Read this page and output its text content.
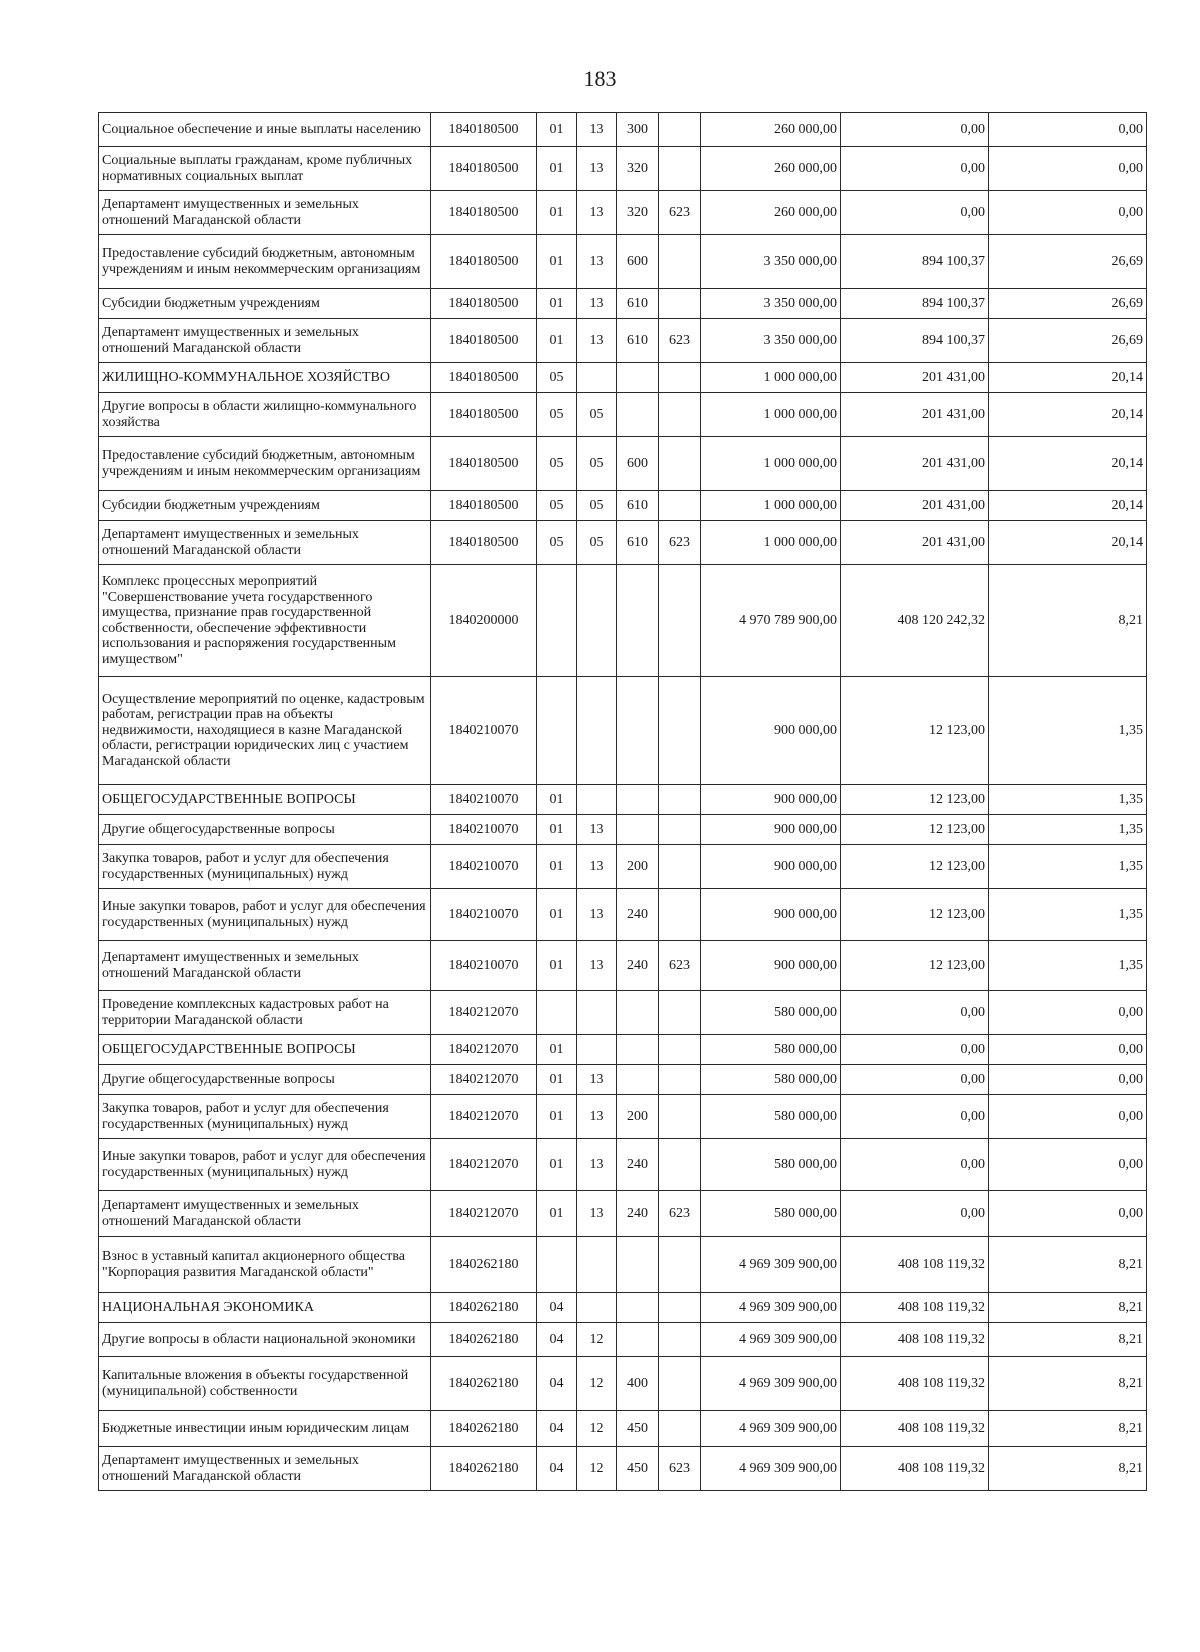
183
Социальное обеспечение и иные выплаты населению	1840180500	01	13	300		260 000,00	0,00	0,00
Социальные выплаты гражданам, кроме публичных нормативных социальных выплат	1840180500	01	13	320		260 000,00	0,00	0,00
Департамент имущественных и земельных отношений Магаданской области	1840180500	01	13	320	623	260 000,00	0,00	0,00
Предоставление субсидий бюджетным, автономным учреждениям и иным некоммерческим организациям	1840180500	01	13	600		3 350 000,00	894 100,37	26,69
Субсидии бюджетным учреждениям	1840180500	01	13	610		3 350 000,00	894 100,37	26,69
Департамент имущественных и земельных отношений Магаданской области	1840180500	01	13	610	623	3 350 000,00	894 100,37	26,69
ЖИЛИЩНО-КОММУНАЛЬНОЕ ХОЗЯЙСТВО	1840180500	05				1 000 000,00	201 431,00	20,14
Другие вопросы в области жилищно-коммунального хозяйства	1840180500	05	05			1 000 000,00	201 431,00	20,14
Предоставление субсидий бюджетным, автономным учреждениям и иным некоммерческим организациям	1840180500	05	05	600		1 000 000,00	201 431,00	20,14
Субсидии бюджетным учреждениям	1840180500	05	05	610		1 000 000,00	201 431,00	20,14
Департамент имущественных и земельных отношений Магаданской области	1840180500	05	05	610	623	1 000 000,00	201 431,00	20,14
Комплекс процессных мероприятий "Совершенствование учета государственного имущества, признание прав государственной собственности, обеспечение эффективности использования и распоряжения государственным имуществом"	1840200000					4 970 789 900,00	408 120 242,32	8,21
Осуществление мероприятий по оценке, кадастровым работам, регистрации прав на объекты недвижимости, находящиеся в казне Магаданской области, регистрации юридических лиц с участием Магаданской области	1840210070					900 000,00	12 123,00	1,35
ОБЩЕГОСУДАРСТВЕННЫЕ ВОПРОСЫ	1840210070	01				900 000,00	12 123,00	1,35
Другие общегосударственные вопросы	1840210070	01	13			900 000,00	12 123,00	1,35
Закупка товаров, работ и услуг для обеспечения государственных (муниципальных) нужд	1840210070	01	13	200		900 000,00	12 123,00	1,35
Иные закупки товаров, работ и услуг для обеспечения государственных (муниципальных) нужд	1840210070	01	13	240		900 000,00	12 123,00	1,35
Департамент имущественных и земельных отношений Магаданской области	1840210070	01	13	240	623	900 000,00	12 123,00	1,35
Проведение комплексных кадастровых работ на территории Магаданской области	1840212070					580 000,00	0,00	0,00
ОБЩЕГОСУДАРСТВЕННЫЕ ВОПРОСЫ	1840212070	01				580 000,00	0,00	0,00
Другие общегосударственные вопросы	1840212070	01	13			580 000,00	0,00	0,00
Закупка товаров, работ и услуг для обеспечения государственных (муниципальных) нужд	1840212070	01	13	200		580 000,00	0,00	0,00
Иные закупки товаров, работ и услуг для обеспечения государственных (муниципальных) нужд	1840212070	01	13	240		580 000,00	0,00	0,00
Департамент имущественных и земельных отношений Магаданской области	1840212070	01	13	240	623	580 000,00	0,00	0,00
Взнос в уставный капитал акционерного общества "Корпорация развития Магаданской области"	1840262180					4 969 309 900,00	408 108 119,32	8,21
НАЦИОНАЛЬНАЯ ЭКОНОМИКА	1840262180	04				4 969 309 900,00	408 108 119,32	8,21
Другие вопросы в области национальной экономики	1840262180	04	12			4 969 309 900,00	408 108 119,32	8,21
Капитальные вложения в объекты государственной (муниципальной) собственности	1840262180	04	12	400		4 969 309 900,00	408 108 119,32	8,21
Бюджетные инвестиции иным юридическим лицам	1840262180	04	12	450		4 969 309 900,00	408 108 119,32	8,21
Департамент имущественных и земельных отношений Магаданской области	1840262180	04	12	450	623	4 969 309 900,00	408 108 119,32	8,21
